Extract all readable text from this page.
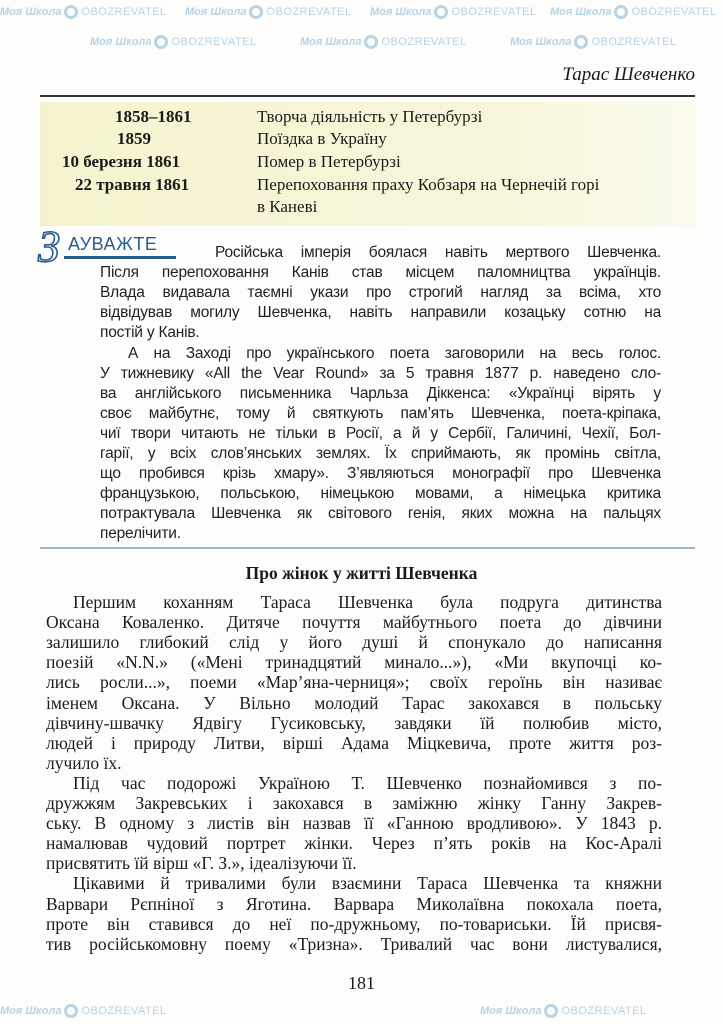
Моя Школа OBOZREVATEL Моя Школа OBOZREVATEL Моя Школа OBOZREVATEL Моя Школа OBOZREVATEL
Моя Школа OBOZREVATEL	Моя Школа OBOZREVATEL	Моя Школа OBOZREVATEL
Моя Школа OBOZREVATEL	Моя Школа OBOZREVATEL
Тарас Шевченко
1858–1861	Творча діяльність у Петербурзі
1859	Поїздка в Україну
10 березня 1861	Помер в Петербурзі
22 травня 1861	Перепоховання праху Кобзаря на Чернечій горі
в Каневі
З АУВАЖТЕ	Російська імперія боялася навіть мертвого Шевченка.
Після перепоховання Канів став місцем паломництва українців.
Влада видавала таємні укази про строгий нагляд за всіма, хто
відвідував могилу Шевченка, навіть направили козацьку сотню на
постій у Канів.
А на Заході про українського поета заговорили на весь голос.
У тижневику «All the Vear Round» за 5 травня 1877 р. наведено сло-
ва англійського письменника Чарльза Діккенса: «Українці вірять у
своє майбутнє, тому й святкують пам’ять Шевченка, поета-кріпака,
чиї твори читають не тільки в Росії, а й у Сербії, Галичині, Чехії, Бол-
гарії, у всіх слов’янських землях. Їх сприймають, як промінь світла,
що пробився крізь хмару». З’являються монографії про Шевченка
французькою, польською, німецькою мовами, а німецька критика
потрактувала Шевченка як світового генія, яких можна на пальцях
перелічити.
Про жінок у житті Шевченка
Першим коханням Тараса Шевченка була подруга дитинства
Оксана Коваленко. Дитяче почуття майбутнього поета до дівчини
залишило глибокий слід у його душі й спонукало до написання
поезій «N.N.» («Мені тринадцятий минало...»), «Ми вкупочці ко-
лись росли...», поеми «Мар’яна-черниця»; своїх героїнь він називає
іменем Оксана. У Вільно молодий Тарас закохався в польську
дівчину-швачку Ядвігу Гусиковську, завдяки їй полюбив місто,
людей і природу Литви, вірші Адама Міцкевича, проте життя роз-
лучило їх.
Під час подорожі Україною Т. Шевченко познайомився з по-
дружжям Закревських і закохався в заміжню жінку Ганну Закрев-
ську. В одному з листів він назвав її «Ганною вродливою». У 1843 р.
намалював чудовий портрет жінки. Через п’ять років на Кос-Аралі
присвятить їй вірш «Г. З.», ідеалізуючи її.
Цікавими й тривалими були взаємини Тараса Шевченка та княжни
Варвари Рєпніної з Яготина. Варвара Миколаївна покохала поета,
проте він ставився до неї по-дружньому, по-товариськи. Їй присвя-
тив російськомовну поему «Тризна». Тривалий час вони листувалися,
181
